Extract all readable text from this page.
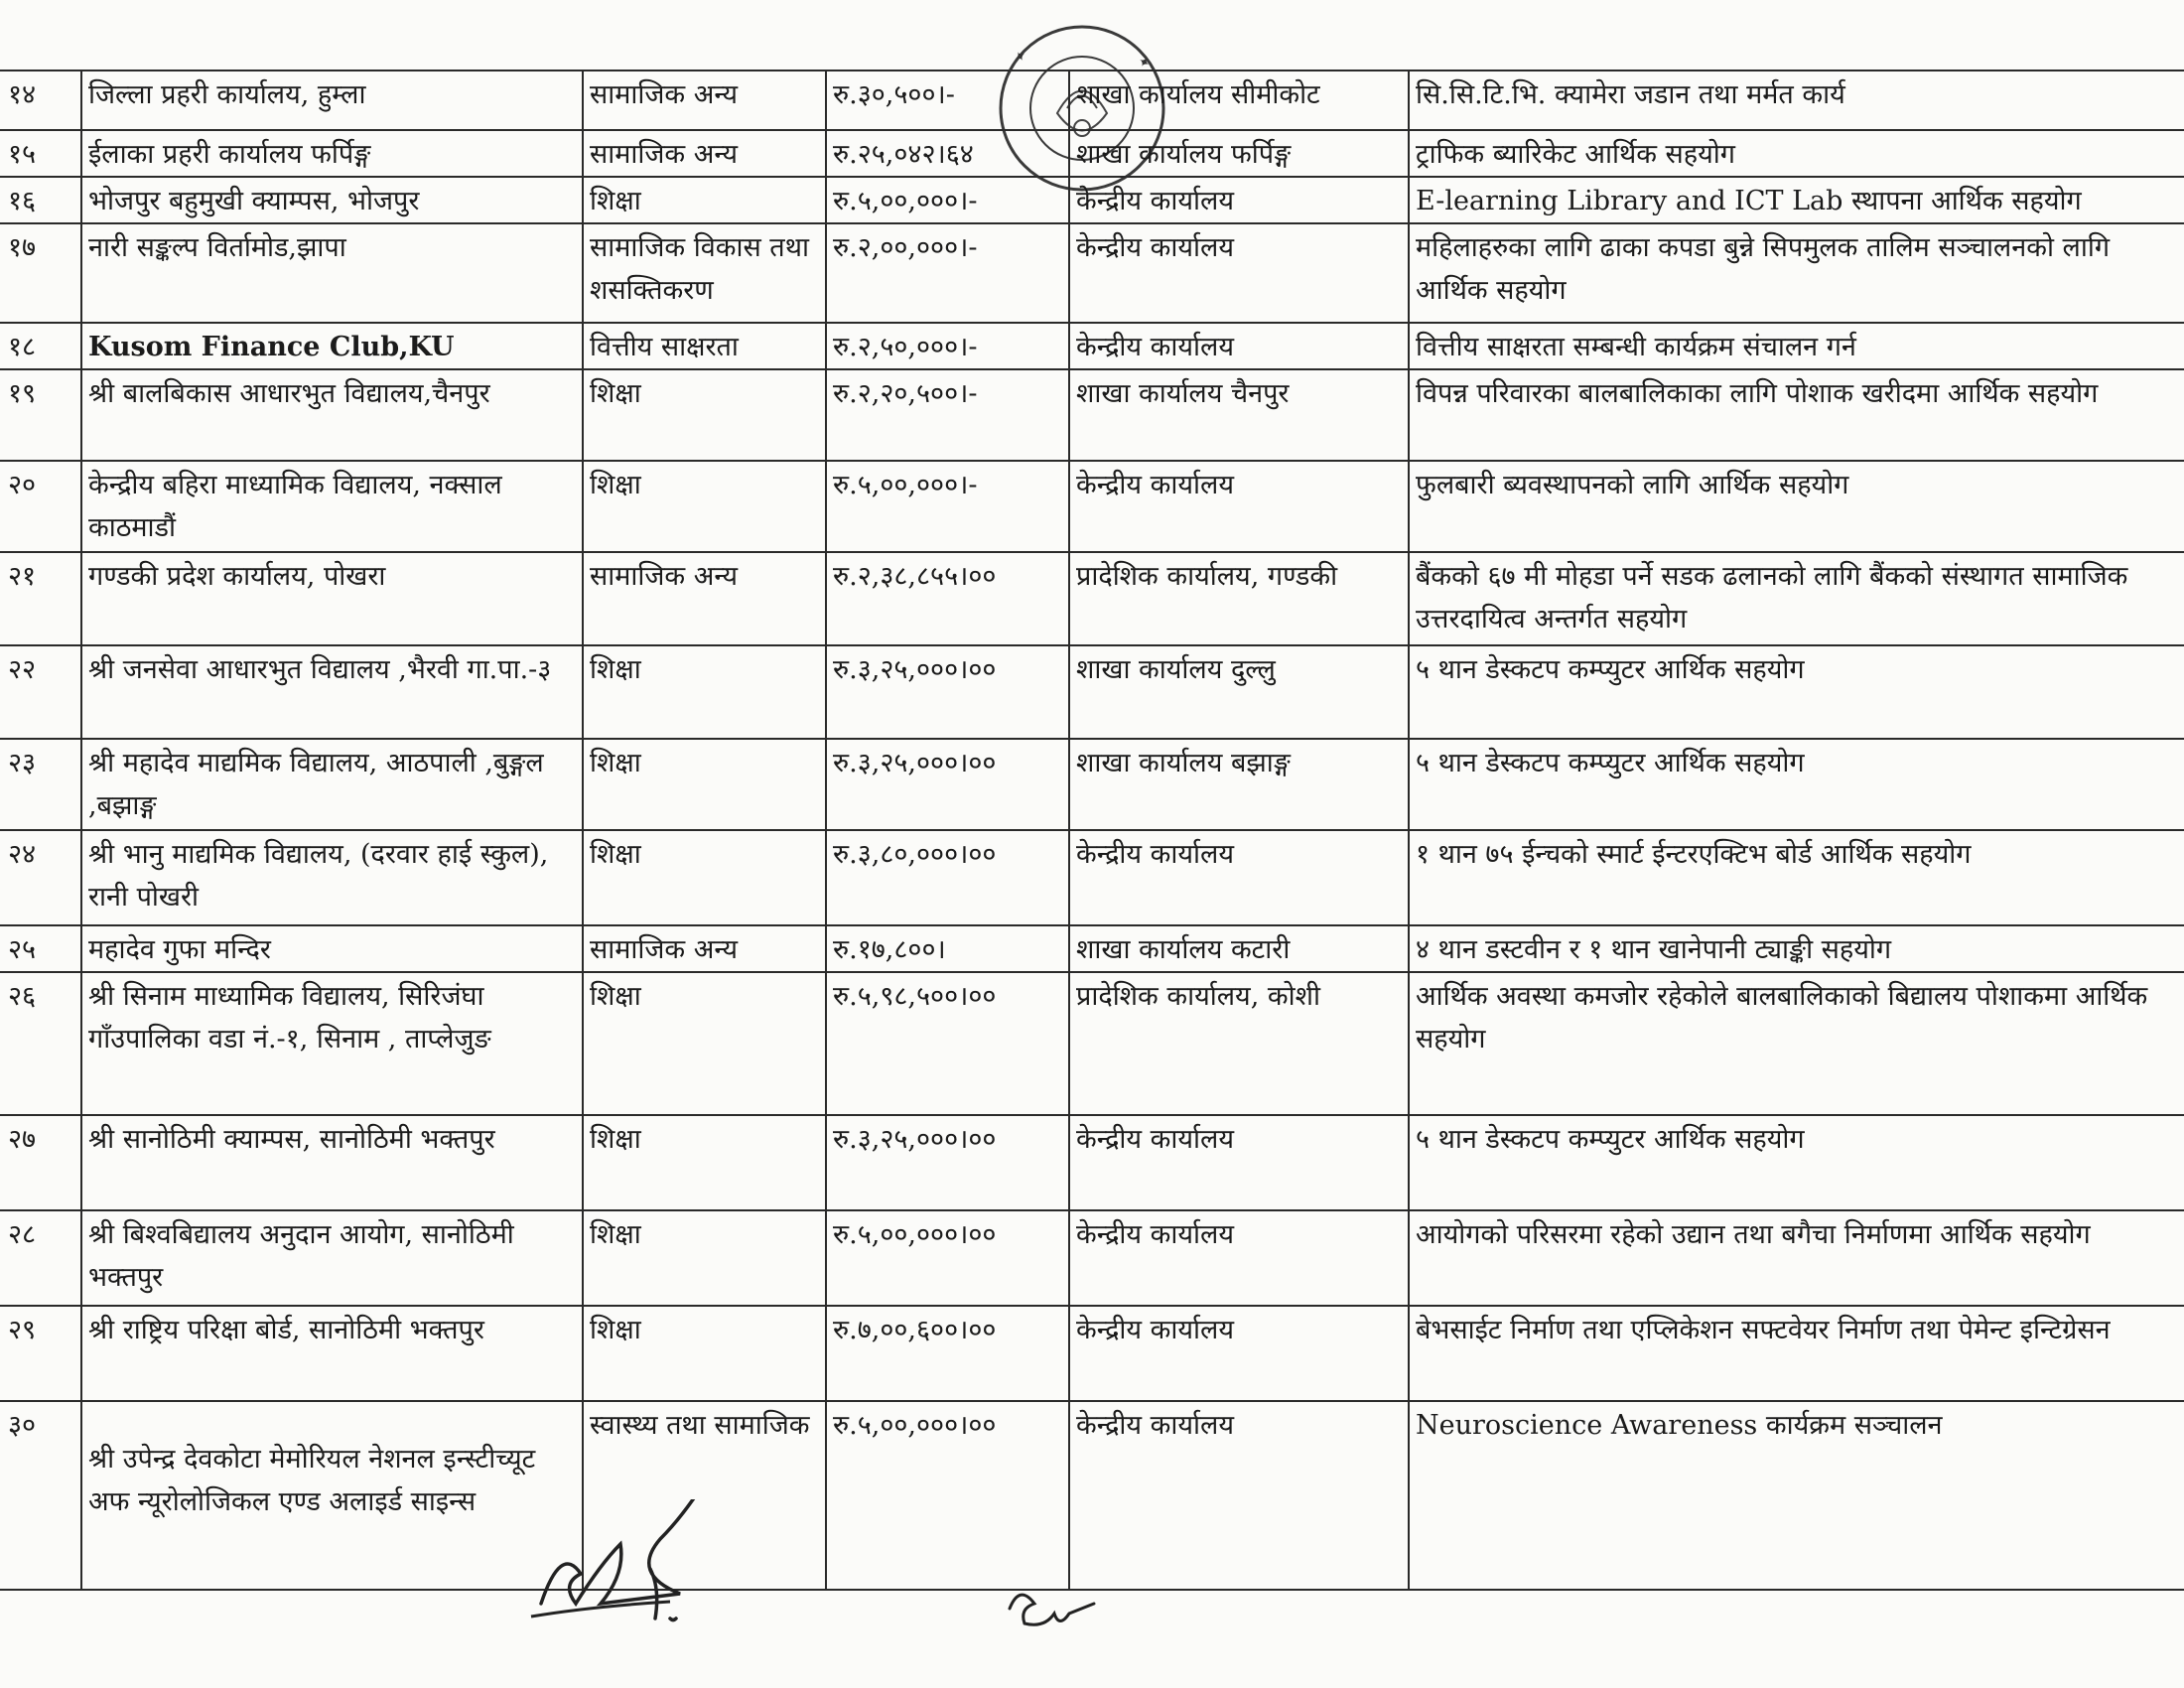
✦	✦
१४	जिल्ला प्रहरी कार्यालय, हुम्ला	सामाजिक अन्य	रु.३०,५००।-	शाखा कार्यालय सीमीकोट	सि.सि.टि.भि. क्यामेरा जडान तथा मर्मत कार्य
१५	ईलाका प्रहरी कार्यालय फर्पिङ्ग	सामाजिक अन्य	रु.२५,०४२।६४	शाखा कार्यालय फर्पिङ्ग	ट्राफिक ब्यारिकेट आर्थिक सहयोग
१६	भोजपुर बहुमुखी क्याम्पस, भोजपुर	शिक्षा	रु.५,००,०००।-	केन्द्रीय कार्यालय	E-learning Library and ICT Lab स्थापना आर्थिक सहयोग
१७	नारी सङ्कल्प विर्तामोड,झापा	सामाजिक विकास तथा शसक्तिकरण	रु.२,००,०००।-	केन्द्रीय कार्यालय	महिलाहरुका लागि ढाका कपडा बुन्ने सिपमुलक तालिम सञ्चालनको लागि आर्थिक सहयोग
१८	Kusom Finance Club,KU	वित्तीय साक्षरता	रु.२,५०,०००।-	केन्द्रीय कार्यालय	वित्तीय साक्षरता सम्बन्धी कार्यक्रम संचालन गर्न
१९	श्री बालबिकास आधारभुत विद्यालय,चैनपुर	शिक्षा	रु.२,२०,५००।-	शाखा कार्यालय चैनपुर	विपन्न परिवारका बालबालिकाका लागि पोशाक खरीदमा आर्थिक सहयोग
२०	केन्द्रीय बहिरा माध्यामिक विद्यालय, नक्साल काठमाडौं	शिक्षा	रु.५,००,०००।-	केन्द्रीय कार्यालय	फुलबारी ब्यवस्थापनको लागि आर्थिक सहयोग
२१	गण्डकी प्रदेश कार्यालय, पोखरा	सामाजिक अन्य	रु.२,३८,८५५।००	प्रादेशिक कार्यालय, गण्डकी	बैंकको ६७ मी मोहडा पर्ने सडक ढलानको लागि बैंकको संस्थागत सामाजिक उत्तरदायित्व अन्तर्गत सहयोग
२२	श्री जनसेवा आधारभुत विद्यालय ,भैरवी गा.पा.-३	शिक्षा	रु.३,२५,०००।००	शाखा कार्यालय दुल्लु	५ थान डेस्कटप कम्प्युटर आर्थिक सहयोग
२३	श्री महादेव माद्यमिक विद्यालय, आठपाली ,बुङ्गल ,बझाङ्ग	शिक्षा	रु.३,२५,०००।००	शाखा कार्यालय बझाङ्ग	५ थान डेस्कटप कम्प्युटर आर्थिक सहयोग
२४	श्री भानु माद्यमिक विद्यालय, (दरवार हाई स्कुल), रानी पोखरी	शिक्षा	रु.३,८०,०००।००	केन्द्रीय कार्यालय	१ थान ७५ ईन्चको स्मार्ट ईन्टरएक्टिभ बोर्ड आर्थिक सहयोग
२५	महादेव गुफा मन्दिर	सामाजिक अन्य	रु.१७,८००।	शाखा कार्यालय कटारी	४ थान डस्टवीन र १ थान खानेपानी ट्याङ्की सहयोग
२६	श्री सिनाम माध्यामिक विद्यालय, सिरिजंघा गाँउपालिका वडा नं.-१, सिनाम , ताप्लेजुङ	शिक्षा	रु.५,९८,५००।००	प्रादेशिक कार्यालय, कोशी	आर्थिक अवस्था कमजोर रहेकोले बालबालिकाको बिद्यालय पोशाकमा आर्थिक सहयोग
२७	श्री सानोठिमी क्याम्पस, सानोठिमी भक्तपुर	शिक्षा	रु.३,२५,०००।००	केन्द्रीय कार्यालय	५ थान डेस्कटप कम्प्युटर आर्थिक सहयोग
२८	श्री बिश्वबिद्यालय अनुदान आयोग, सानोठिमी भक्तपुर	शिक्षा	रु.५,००,०००।००	केन्द्रीय कार्यालय	आयोगको परिसरमा रहेको उद्यान तथा बगैचा निर्माणमा आर्थिक सहयोग
२९	श्री राष्ट्रिय परिक्षा बोर्ड, सानोठिमी भक्तपुर	शिक्षा	रु.७,००,६००।००	केन्द्रीय कार्यालय	बेभसाईट निर्माण तथा एप्लिकेशन सफ्टवेयर निर्माण तथा पेमेन्ट इन्टिग्रेसन
३०	श्री उपेन्द्र देवकोटा मेमोरियल नेशनल इन्स्टीच्यूट अफ न्यूरोलोजिकल एण्ड अलाइर्ड साइन्स	स्वास्थ्य तथा सामाजिक	रु.५,००,०००।००	केन्द्रीय कार्यालय	Neuroscience Awareness कार्यक्रम सञ्चालन
